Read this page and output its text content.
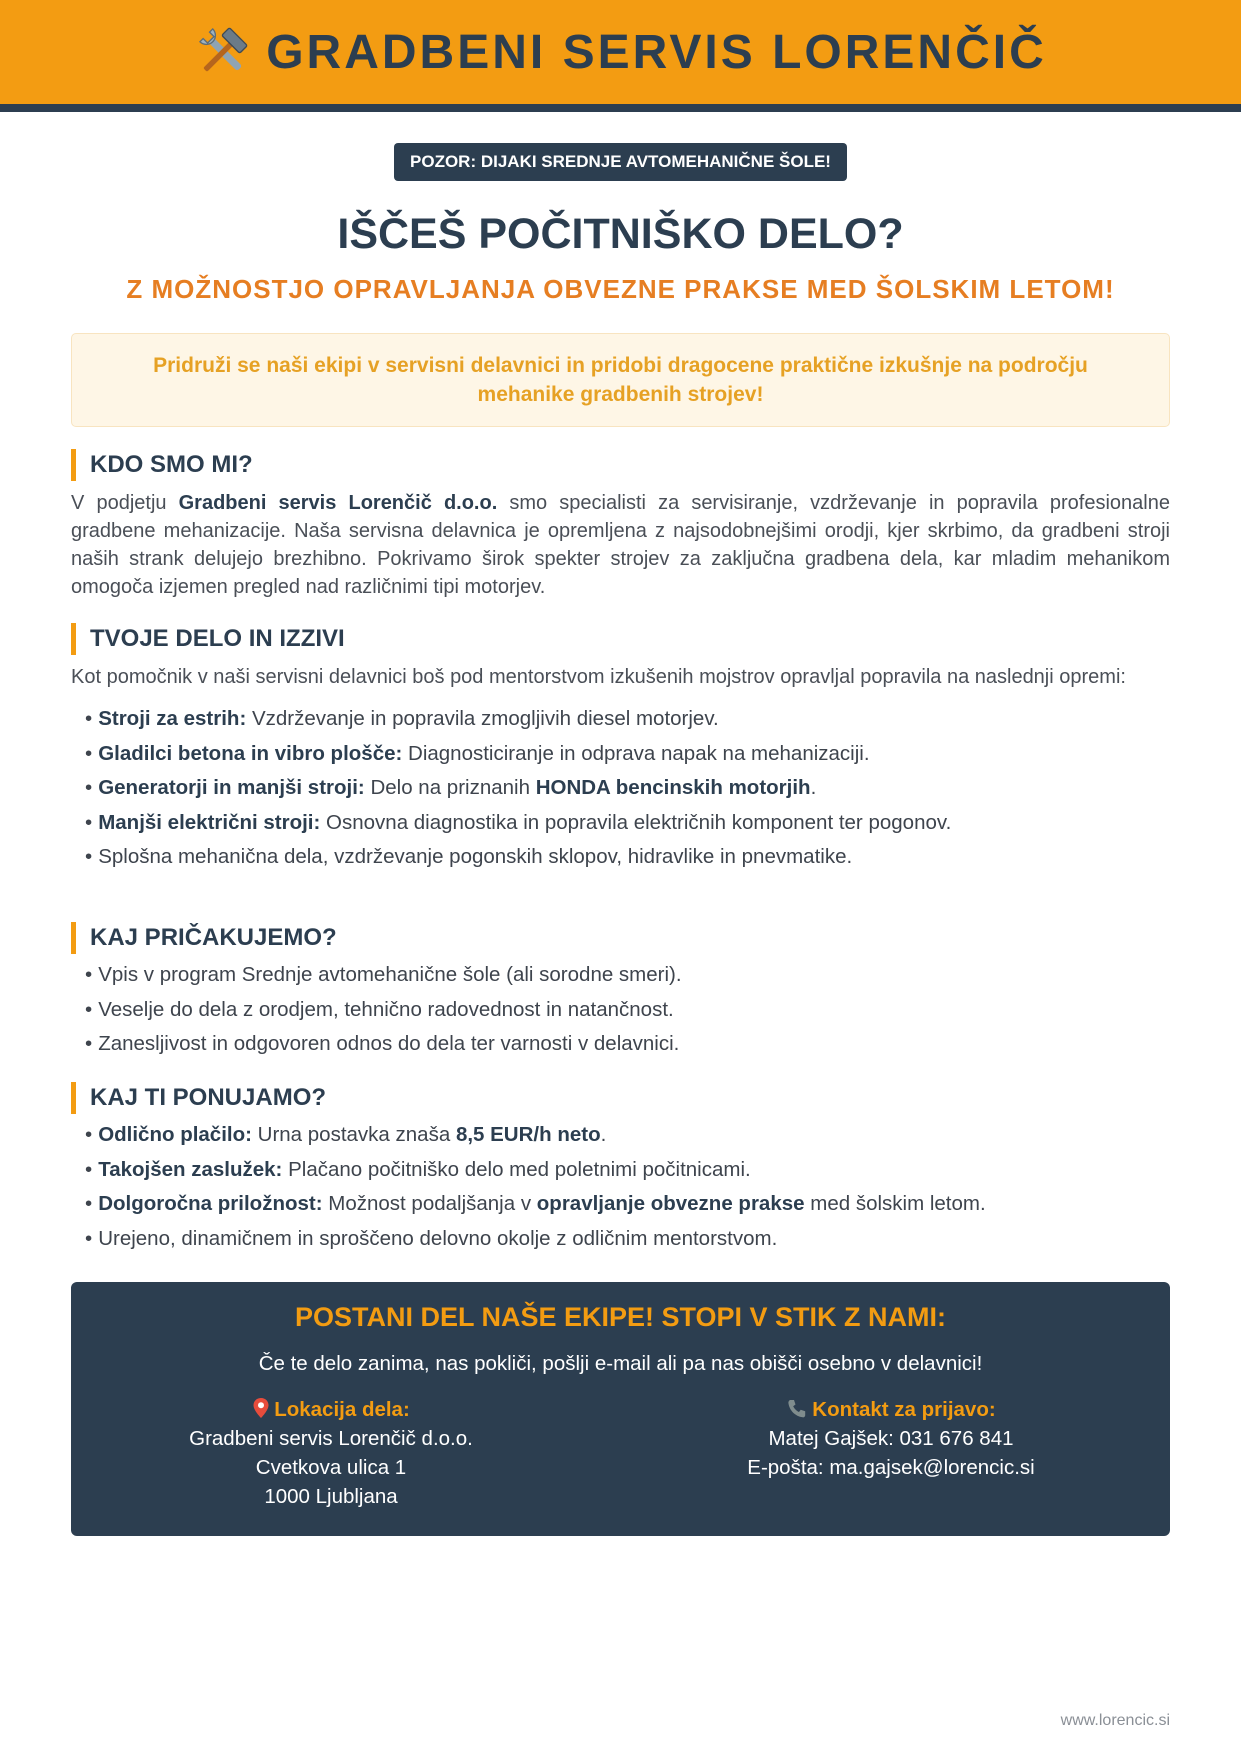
GRADBENI SERVIS LORENČIČ
POZOR: DIJAKI SREDNJE AVTOMEHANIČNE ŠOLE!
IŠČEŠ POČITNIŠKO DELO?
Z MOŽNOSTJO OPRAVLJANJA OBVEZNE PRAKSE MED ŠOLSKIM LETOM!
Pridruži se naši ekipi v servisni delavnici in pridobi dragocene praktične izkušnje na področju mehanike gradbenih strojev!
KDO SMO MI?
V podjetju Gradbeni servis Lorenčič d.o.o. smo specialisti za servisiranje, vzdrževanje in popravila profesionalne gradbene mehanizacije. Naša servisna delavnica je opremljena z najsodobnejšimi orodji, kjer skrbimo, da gradbeni stroji naših strank delujejo brezhibno. Pokrivamo širok spekter strojev za zaključna gradbena dela, kar mladim mehanikom omogoča izjemen pregled nad različnimi tipi motorjev.
TVOJE DELO IN IZZIVI
Kot pomočnik v naši servisni delavnici boš pod mentorstvom izkušenih mojstrov opravljal popravila na naslednji opremi:
• Stroji za estrih: Vzdrževanje in popravila zmogljivih diesel motorjev.
• Gladilci betona in vibro plošče: Diagnosticiranje in odprava napak na mehanizaciji.
• Generatorji in manjši stroji: Delo na priznanih HONDA bencinskih motorjih.
• Manjši električni stroji: Osnovna diagnostika in popravila električnih komponent ter pogonov.
• Splošna mehanična dela, vzdrževanje pogonskih sklopov, hidravlike in pnevmatike.
KAJ PRIČAKUJEMO?
• Vpis v program Srednje avtomehanične šole (ali sorodne smeri).
• Veselje do dela z orodjem, tehnično radovednost in natančnost.
• Zanesljivost in odgovoren odnos do dela ter varnosti v delavnici.
KAJ TI PONUJAMO?
• Odlično plačilo: Urna postavka znaša 8,5 EUR/h neto.
• Takojšen zaslužek: Plačano počitniško delo med poletnimi počitnicami.
• Dolgoročna priložnost: Možnost podaljšanja v opravljanje obvezne prakse med šolskim letom.
• Urejeno, dinamičnem in sproščeno delovno okolje z odličnim mentorstvom.
POSTANI DEL NAŠE EKIPE! STOPI V STIK Z NAMI:
Če te delo zanima, nas pokliči, pošlji e-mail ali pa nas obišči osebno v delavnici!
Lokacija dela:
Gradbeni servis Lorenčič d.o.o.
Cvetkova ulica 1
1000 Ljubljana
Kontakt za prijavo:
Matej Gajšek: 031 676 841
E-pošta: ma.gajsek@lorencic.si
www.lorencic.si
